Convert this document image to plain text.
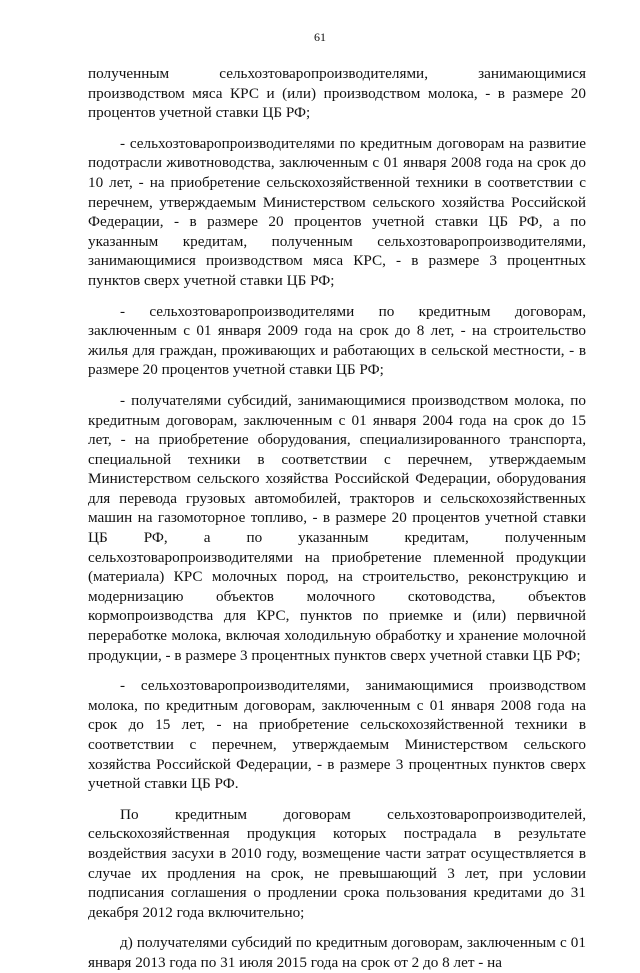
61

полученным сельхозтоваропроизводителями, занимающимися производством мяса КРС и (или) производством молока, - в размере 20 процентов учетной ставки ЦБ РФ;

- сельхозтоваропроизводителями по кредитным договорам на развитие подотрасли животноводства, заключенным с 01 января 2008 года на срок до 10 лет, - на приобретение сельскохозяйственной техники в соответствии с перечнем, утверждаемым Министерством сельского хозяйства Российской Федерации, - в размере 20 процентов учетной ставки ЦБ РФ, а по указанным кредитам, полученным сельхозтоваропроизводителями, занимающимися производством мяса КРС, - в размере 3 процентных пунктов сверх учетной ставки ЦБ РФ;

- сельхозтоваропроизводителями по кредитным договорам, заключенным с 01 января 2009 года на срок до 8 лет, - на строительство жилья для граждан, проживающих и работающих в сельской местности, - в размере 20 процентов учетной ставки ЦБ РФ;

- получателями субсидий, занимающимися производством молока, по кредитным договорам, заключенным с 01 января 2004 года на срок до 15 лет, - на приобретение оборудования, специализированного транспорта, специальной техники в соответствии с перечнем, утверждаемым Министерством сельского хозяйства Российской Федерации, оборудования для перевода грузовых автомобилей, тракторов и сельскохозяйственных машин на газомоторное топливо, - в размере 20 процентов учетной ставки ЦБ РФ, а по указанным кредитам, полученным сельхозтоваропроизводителями на приобретение племенной продукции (материала) КРС молочных пород, на строительство, реконструкцию и модернизацию объектов молочного скотоводства, объектов кормопроизводства для КРС, пунктов по приемке и (или) первичной переработке молока, включая холодильную обработку и хранение молочной продукции, - в размере 3 процентных пунктов сверх учетной ставки ЦБ РФ;

- сельхозтоваропроизводителями, занимающимися производством молока, по кредитным договорам, заключенным с 01 января 2008 года на срок до 15 лет, - на приобретение сельскохозяйственной техники в соответствии с перечнем, утверждаемым Министерством сельского хозяйства Российской Федерации, - в размере 3 процентных пунктов сверх учетной ставки ЦБ РФ.

По кредитным договорам сельхозтоваропроизводителей, сельскохозяйственная продукция которых пострадала в результате воздействия засухи в 2010 году, возмещение части затрат осуществляется в случае их продления на срок, не превышающий 3 лет, при условии подписания соглашения о продлении срока пользования кредитами до 31 декабря 2012 года включительно;

д) получателями субсидий по кредитным договорам, заключенным с 01 января 2013 года по 31 июля 2015 года на срок от 2 до 8 лет - на
